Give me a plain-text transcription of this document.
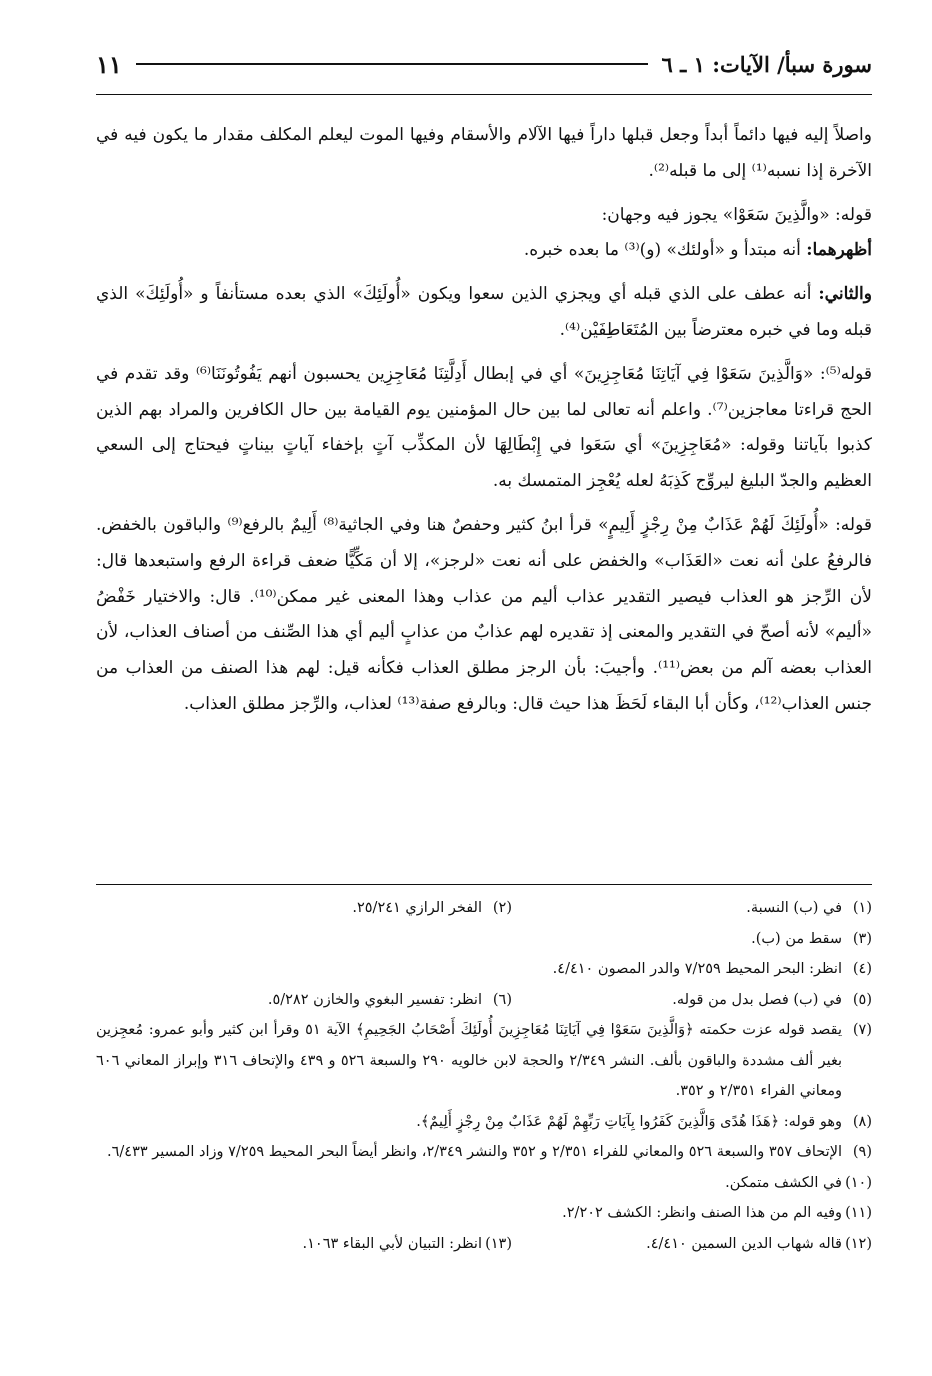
سورة سبأ/ الآيات: ١ ـ ٦
١١

واصلاً إليه فيها دائماً أبداً وجعل قبلها داراً فيها الآلام والأسقام وفيها الموت ليعلم المكلف مقدار ما يكون فيه في الآخرة إذا نسبه⁽¹⁾ إلى ما قبله⁽²⁾.

قوله: «والَّذِينَ سَعَوْا» يجوز فيه وجهان:

أظهرهما: أنه مبتدأ و «أولئك» (و)⁽³⁾ ما بعده خبره.

والثاني: أنه عطف على الذي قبله أي ويجزي الذين سعوا ويكون «أُولَئِكَ» الذي بعده مستأنفاً و «أُولَئِكَ» الذي قبله وما في خبره معترضاً بين المُتَعَاطِفَيْن⁽⁴⁾.

قوله⁽⁵⁾: «وَالَّذِينَ سَعَوْا فِي آيَاتِنَا مُعَاجِزِينَ» أي في إبطال أَدِلَّتِنَا مُعَاجِزِين يحسبون أنهم يَفُوتُونَنَا⁽⁶⁾ وقد تقدم في الحج قراءتا معاجزين⁽⁷⁾. واعلم أنه تعالى لما بين حال المؤمنين يوم القيامة بين حال الكافرين والمراد بهم الذين كذبوا بآياتنا وقوله: «مُعَاجِزِينَ» أي سَعَوا في إِبْطَالِهَا لأن المكذِّب آتٍ بإخفاء آياتٍ بيناتٍ فيحتاج إلى السعي العظيم والجدّ البليغ ليروِّج كَذِبَهُ لعله يُعْجِز المتمسك به.

قوله: «أُولَئِكَ لَهُمْ عَذَابٌ مِنْ رِجْزٍ أَلِيمٍ» قرأ ابنُ كثير وحفصٌ هنا وفي الجاثية⁽⁸⁾ أَلِيمٌ بالرفع⁽⁹⁾ والباقون بالخفض. فالرفعُ علىٰ أنه نعت «العَذَاب» والخفض على أنه نعت «لرجز»، إلا أن مَكِّيًّا ضعف قراءة الرفع واستبعدها قال: لأن الرِّجز هو العذاب فيصير التقدير عذاب أليم من عذاب وهذا المعنى غير ممكن⁽¹⁰⁾. قال: والاختيار خَفْضُ «أليم» لأنه أصحّ في التقدير والمعنى إذ تقديره لهم عذابٌ من عذابٍ أليم أي هذا الصِّنف من أصناف العذاب، لأن العذاب بعضه آلم من بعض⁽¹¹⁾. وأجيبَ: بأن الرجز مطلق العذاب فكأنه قيل: لهم هذا الصنف من العذاب من جنس العذاب⁽¹²⁾، وكأن أبا البقاء لَحَظَ هذا حيث قال: وبالرفع صفة⁽¹³⁾ لعذاب، والرِّجز مطلق العذاب.

(١)
في (ب) النسبة.
(٢)
الفخر الرازي ٢٥/٢٤١.
(٣)
سقط من (ب).
(٤)
انظر: البحر المحيط ٧/٢٥٩ والدر المصون ٤/٤١٠.
(٥)
في (ب) فصل بدل من قوله.
(٦)
انظر: تفسير البغوي والخازن ٥/٢٨٢.
(٧)
يقصد قوله عزت حكمته ﴿وَالَّذِينَ سَعَوْا فِي آيَاتِنَا مُعَاجِزِينَ أُولَئِكَ أَصْحَابُ الجَحِيمِ﴾ الآية ٥١ وقرأ ابن كثير وأبو عمرو: مُعجِزين بغير ألف مشددة والباقون بألف. النشر ٢/٣٤٩ والحجة لابن خالويه ٢٩٠ والسبعة ٥٢٦ و ٤٣٩ والإتحاف ٣١٦ وإبراز المعاني ٦٠٦ ومعاني الفراء ٢/٣٥١ و ٣٥٢.
(٨)
وهو قوله: ﴿هَذَا هُدًى وَالَّذِينَ كَفَرُوا بِآيَاتِ رَبِّهِمْ لَهُمْ عَذَابٌ مِنْ رِجْزٍ أَلِيمٌ﴾.
(٩)
الإتحاف ٣٥٧ والسبعة ٥٢٦ والمعاني للفراء ٢/٣٥١ و ٣٥٢ والنشر ٢/٣٤٩، وانظر أيضاً البحر المحيط ٧/٢٥٩ وزاد المسير ٦/٤٣٣.
(١٠)
في الكشف متمكن.
(١١)
وفيه الم من هذا الصنف وانظر: الكشف ٢/٢٠٢.
(١٢)
قاله شهاب الدين السمين ٤/٤١٠.
(١٣)
انظر: التبيان لأبي البقاء ١٠٦٣.
